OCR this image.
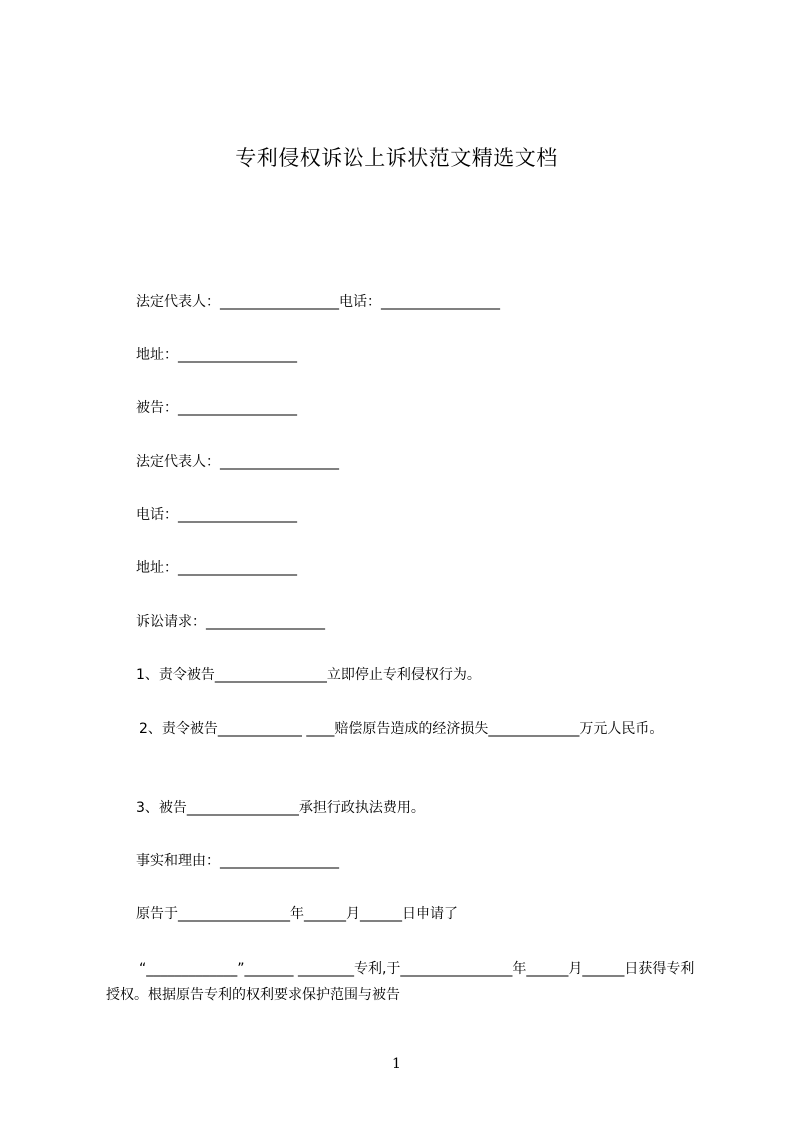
专利侵权诉讼上诉状范文精选文档
法定代表人：_________________电话：_________________
地址：_________________
被告：_________________
法定代表人：_________________
电话：_________________
地址：_________________
诉讼请求：_________________
1、责令被告________________立即停止专利侵权行为。

2、责令被告____________ ____赔偿原告造成的经济损失_____________万元人民币。

3、被告________________承担行政执法费用。
事实和理由：_________________
原告于________________年______月______日申请了

“_____________”_______ ________专利,于________________年______月______日获得专利授权。根据原告专利的权利要求保护范围与被告

1
